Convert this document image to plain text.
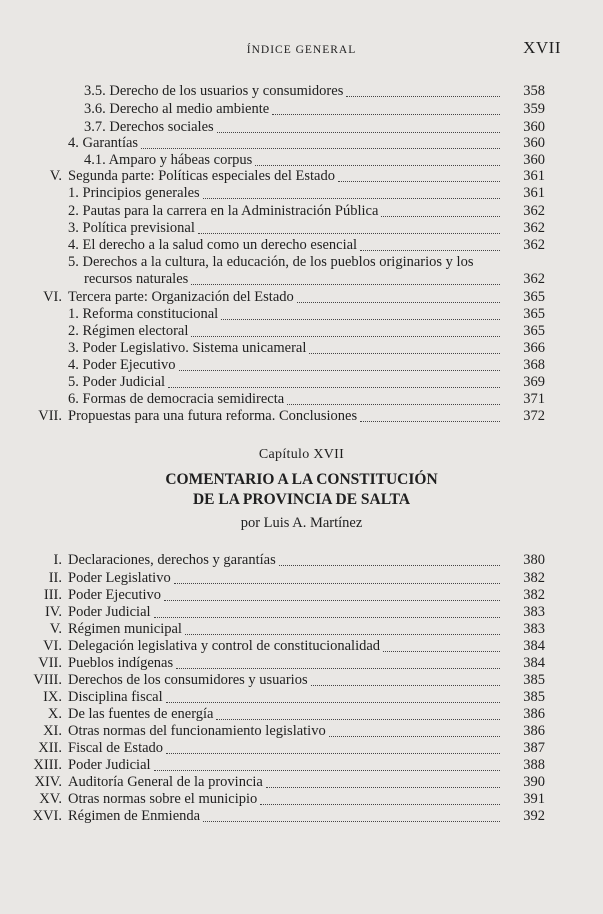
ÍNDICE GENERAL	XVII
3.5. Derecho de los usuarios y consumidores	358
3.6. Derecho al medio ambiente	359
3.7. Derechos sociales	360
4. Garantías	360
4.1. Amparo y hábeas corpus	360
V. Segunda parte: Políticas especiales del Estado	361
1. Principios generales	361
2. Pautas para la carrera en la Administración Pública	362
3. Política previsional	362
4. El derecho a la salud como un derecho esencial	362
5. Derechos a la cultura, la educación, de los pueblos originarios y los
recursos naturales	362
VI. Tercera parte: Organización del Estado	365
1. Reforma constitucional	365
2. Régimen electoral	365
3. Poder Legislativo. Sistema unicameral	366
4. Poder Ejecutivo	368
5. Poder Judicial	369
6. Formas de democracia semidirecta	371
VII. Propuestas para una futura reforma. Conclusiones	372
Capítulo XVII
COMENTARIO A LA CONSTITUCIÓN
DE LA PROVINCIA DE SALTA
por Luis A. Martínez
I. Declaraciones, derechos y garantías	380
II. Poder Legislativo	382
III. Poder Ejecutivo	382
IV. Poder Judicial	383
V. Régimen municipal	383
VI. Delegación legislativa y control de constitucionalidad	384
VII. Pueblos indígenas	384
VIII. Derechos de los consumidores y usuarios	385
IX. Disciplina fiscal	385
X. De las fuentes de energía	386
XI. Otras normas del funcionamiento legislativo	386
XII. Fiscal de Estado	387
XIII. Poder Judicial	388
XIV. Auditoría General de la provincia	390
XV. Otras normas sobre el municipio	391
XVI. Régimen de Enmienda	392
